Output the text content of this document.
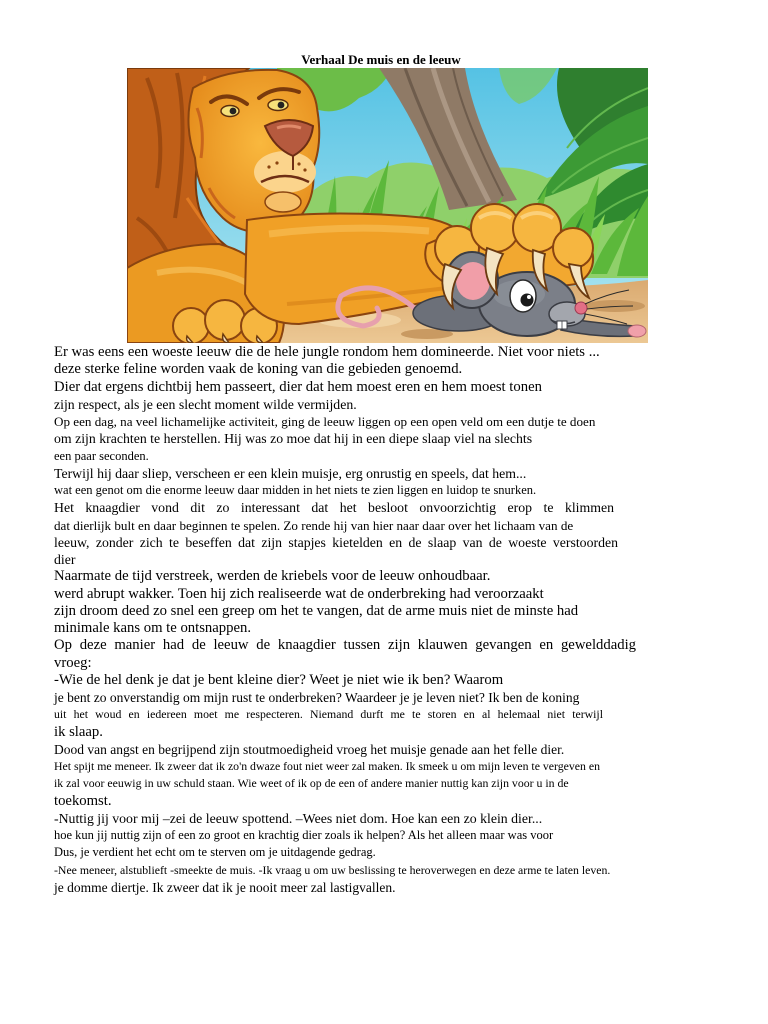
Verhaal De muis en de leeuw
Er was eens een woeste leeuw die de hele jungle rondom hem domineerde. Niet voor niets ...
deze sterke feline worden vaak de koning van die gebieden genoemd.
Dier dat ergens dichtbij hem passeert, dier dat hem moest eren en hem moest tonen
zijn respect, als je een slecht moment wilde vermijden.
Op een dag, na veel lichamelijke activiteit, ging de leeuw liggen op een open veld om een dutje te doen
om zijn krachten te herstellen. Hij was zo moe dat hij in een diepe slaap viel na slechts
een paar seconden.
Terwijl hij daar sliep, verscheen er een klein muisje, erg onrustig en speels, dat hem...
wat een genot om die enorme leeuw daar midden in het niets te zien liggen en luidop te snurken.
Het knaagdier vond dit zo interessant dat het besloot onvoorzichtig erop te klimmen
dat dierlijk bult en daar beginnen te spelen. Zo rende hij van hier naar daar over het lichaam van de
leeuw, zonder zich te beseffen dat zijn stapjes kietelden en de slaap van de woeste verstoorden
dier
Naarmate de tijd verstreek, werden de kriebels voor de leeuw onhoudbaar.
werd abrupt wakker. Toen hij zich realiseerde wat de onderbreking had veroorzaakt
zijn droom deed zo snel een greep om het te vangen, dat de arme muis niet de minste had
minimale kans om te ontsnappen.
Op deze manier had de leeuw de knaagdier tussen zijn klauwen gevangen en gewelddadig
vroeg:
-Wie de hel denk je dat je bent kleine dier? Weet je niet wie ik ben? Waarom
je bent zo onverstandig om mijn rust te onderbreken? Waardeer je je leven niet? Ik ben de koning
uit het woud en iedereen moet me respecteren. Niemand durft me te storen en al helemaal niet terwijl
ik slaap.
Dood van angst en begrijpend zijn stoutmoedigheid vroeg het muisje genade aan het felle dier.
Het spijt me meneer. Ik zweer dat ik zo'n dwaze fout niet weer zal maken. Ik smeek u om mijn leven te vergeven en
ik zal voor eeuwig in uw schuld staan. Wie weet of ik op de een of andere manier nuttig kan zijn voor u in de
toekomst.
-Nuttig jij voor mij –zei de leeuw spottend. –Wees niet dom. Hoe kan een zo klein dier...
hoe kun jij nuttig zijn of een zo groot en krachtig dier zoals ik helpen? Als het alleen maar was voor
Dus, je verdient het echt om te sterven om je uitdagende gedrag.
-Nee meneer, alstublieft -smeekte de muis. -Ik vraag u om uw beslissing te heroverwegen en deze arme te laten leven.
je domme diertje. Ik zweer dat ik je nooit meer zal lastigvallen.
